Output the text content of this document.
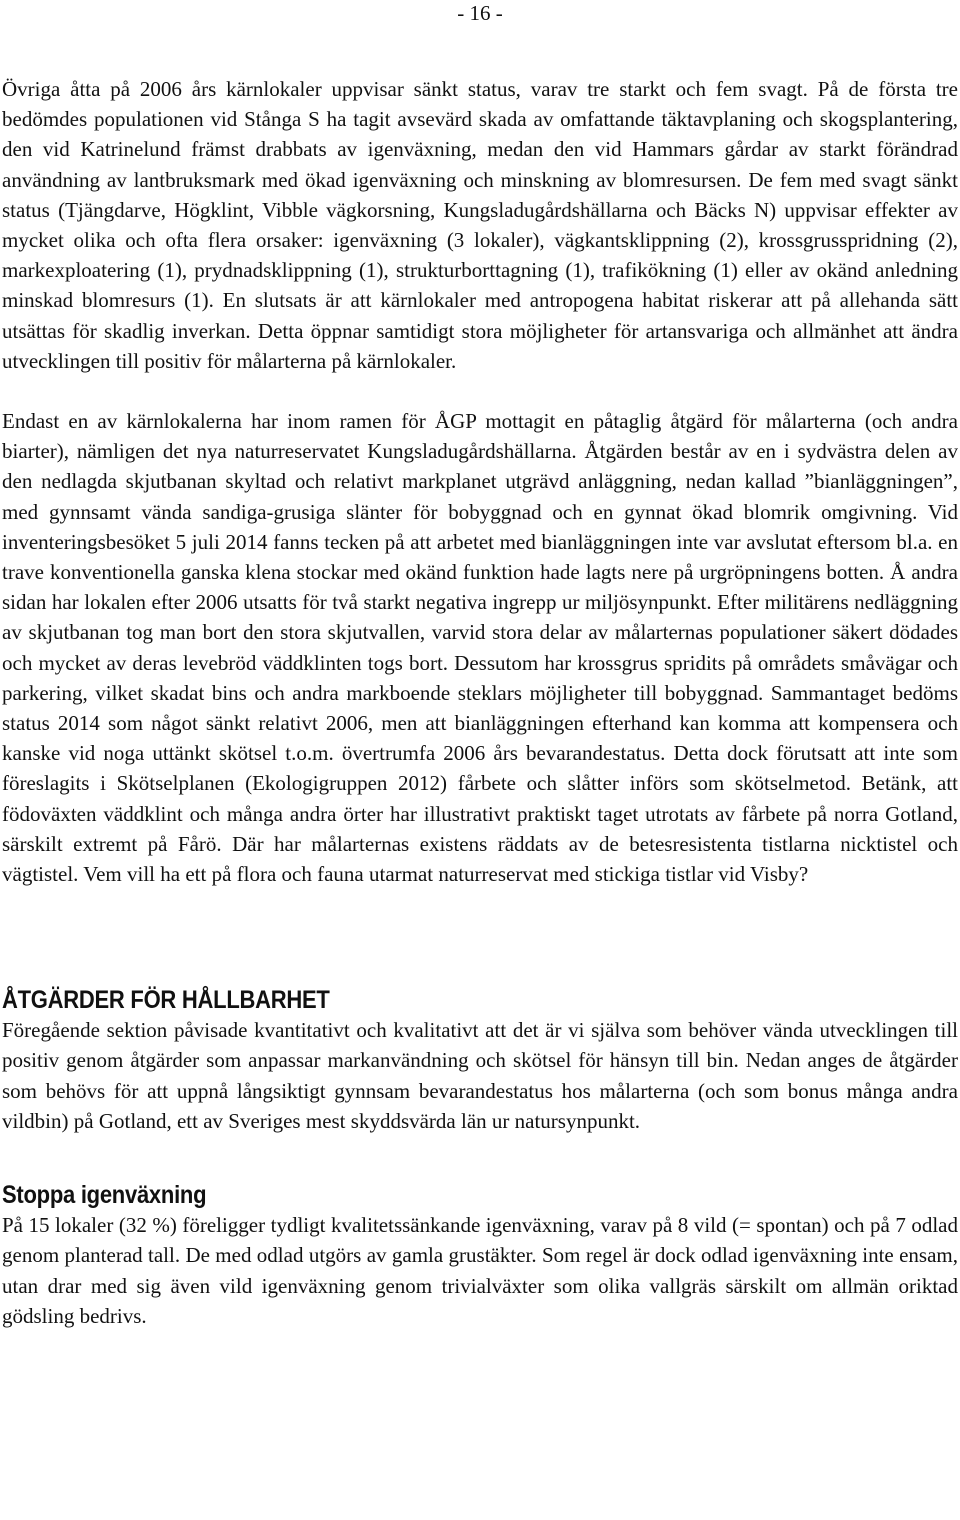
- 16 -

Övriga åtta på 2006 års kärnlokaler uppvisar sänkt status, varav tre starkt och fem svagt. På de första tre bedömdes populationen vid Stånga S ha tagit avsevärd skada av omfattande täktavplaning och skogsplantering, den vid Katrinelund främst drabbats av igenväxning, medan den vid Hammars gårdar av starkt förändrad användning av lantbruksmark med ökad igenväxning och minskning av blomresursen. De fem med svagt sänkt status (Tjängdarve, Högklint, Vibble vägkorsning, Kungsladugårdshällarna och Bäcks N) uppvisar effekter av mycket olika och ofta flera orsaker: igenväxning (3 lokaler), vägkantsklippning (2), krossgrusspridning (2), markexploatering (1), prydnadsklippning (1), strukturborttagning (1), trafikökning (1) eller av okänd anledning minskad blomresurs (1). En slutsats är att kärnlokaler med antropogena habitat riskerar att på allehanda sätt utsättas för skadlig inverkan. Detta öppnar samtidigt stora möjligheter för artansvariga och allmänhet att ändra utvecklingen till positiv för målarterna på kärnlokaler.

Endast en av kärnlokalerna har inom ramen för ÅGP mottagit en påtaglig åtgärd för målarterna (och andra biarter), nämligen det nya naturreservatet Kungsladugårdshällarna. Åtgärden består av en i sydvästra delen av den nedlagda skjutbanan skyltad och relativt markplanet utgrävd anläggning, nedan kallad ”bianläggningen”, med gynnsamt vända sandiga-grusiga slänter för bobyggnad och en gynnat ökad blomrik omgivning. Vid inventeringsbesöket 5 juli 2014 fanns tecken på att arbetet med bianläggningen inte var avslutat eftersom bl.a. en trave konventionella ganska klena stockar med okänd funktion hade lagts nere på urgröpningens botten. Å andra sidan har lokalen efter 2006 utsatts för två starkt negativa ingrepp ur miljösynpunkt. Efter militärens nedläggning av skjutbanan tog man bort den stora skjutvallen, varvid stora delar av målarternas populationer säkert dödades och mycket av deras levebröd väddklinten togs bort. Dessutom har krossgrus spridits på områdets småvägar och parkering, vilket skadat bins och andra markboende steklars möjligheter till bobyggnad. Sammantaget bedöms status 2014 som något sänkt relativt 2006, men att bianläggningen efterhand kan komma att kompensera och kanske vid noga uttänkt skötsel t.o.m. övertrumfa 2006 års bevarandestatus. Detta dock förutsatt att inte som föreslagits i Skötselplanen (Ekologigruppen 2012) fårbete och slåtter införs som skötselmetod. Betänk, att födoväxten väddklint och många andra örter har illustrativt praktiskt taget utrotats av fårbete på norra Gotland, särskilt extremt på Fårö. Där har målarternas existens räddats av de betesresistenta tistlarna nicktistel och vägtistel. Vem vill ha ett på flora och fauna utarmat naturreservat med stickiga tistlar vid Visby?

ÅTGÄRDER FÖR HÅLLBARHET

Föregående sektion påvisade kvantitativt och kvalitativt att det är vi själva som behöver vända utvecklingen till positiv genom åtgärder som anpassar markanvändning och skötsel för hänsyn till bin. Nedan anges de åtgärder som behövs för att uppnå långsiktigt gynnsam bevarandestatus hos målarterna (och som bonus många andra vildbin) på Gotland, ett av Sveriges mest skyddsvärda län ur natursynpunkt.

Stoppa igenväxning

På 15 lokaler (32 %) föreligger tydligt kvalitetssänkande igenväxning, varav på 8 vild (= spontan) och på 7 odlad genom planterad tall. De med odlad utgörs av gamla grustäkter. Som regel är dock odlad igenväxning inte ensam, utan drar med sig även vild igenväxning genom trivialväxter som olika vallgräs särskilt om allmän oriktad gödsling bedrivs.
